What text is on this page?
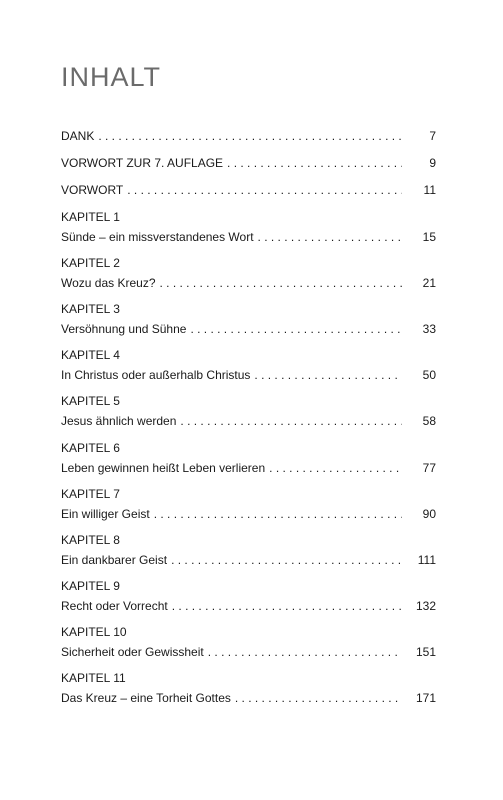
INHALT
DANK . . .	7
VORWORT ZUR 7. AUFLAGE . . .	9
VORWORT . . .	11
KAPITEL 1
Sünde – ein missverstandenes Wort . . .	15
KAPITEL 2
Wozu das Kreuz? . . .	21
KAPITEL 3
Versöhnung und Sühne . . .	33
KAPITEL 4
In Christus oder außerhalb Christus . . .	50
KAPITEL 5
Jesus ähnlich werden . . .	58
KAPITEL 6
Leben gewinnen heißt Leben verlieren . . .	77
KAPITEL 7
Ein williger Geist . . .	90
KAPITEL 8
Ein dankbarer Geist . . .	111
KAPITEL 9
Recht oder Vorrecht . . .	132
KAPITEL 10
Sicherheit oder Gewissheit . . .	151
KAPITEL 11
Das Kreuz – eine Torheit Gottes . . .	171
